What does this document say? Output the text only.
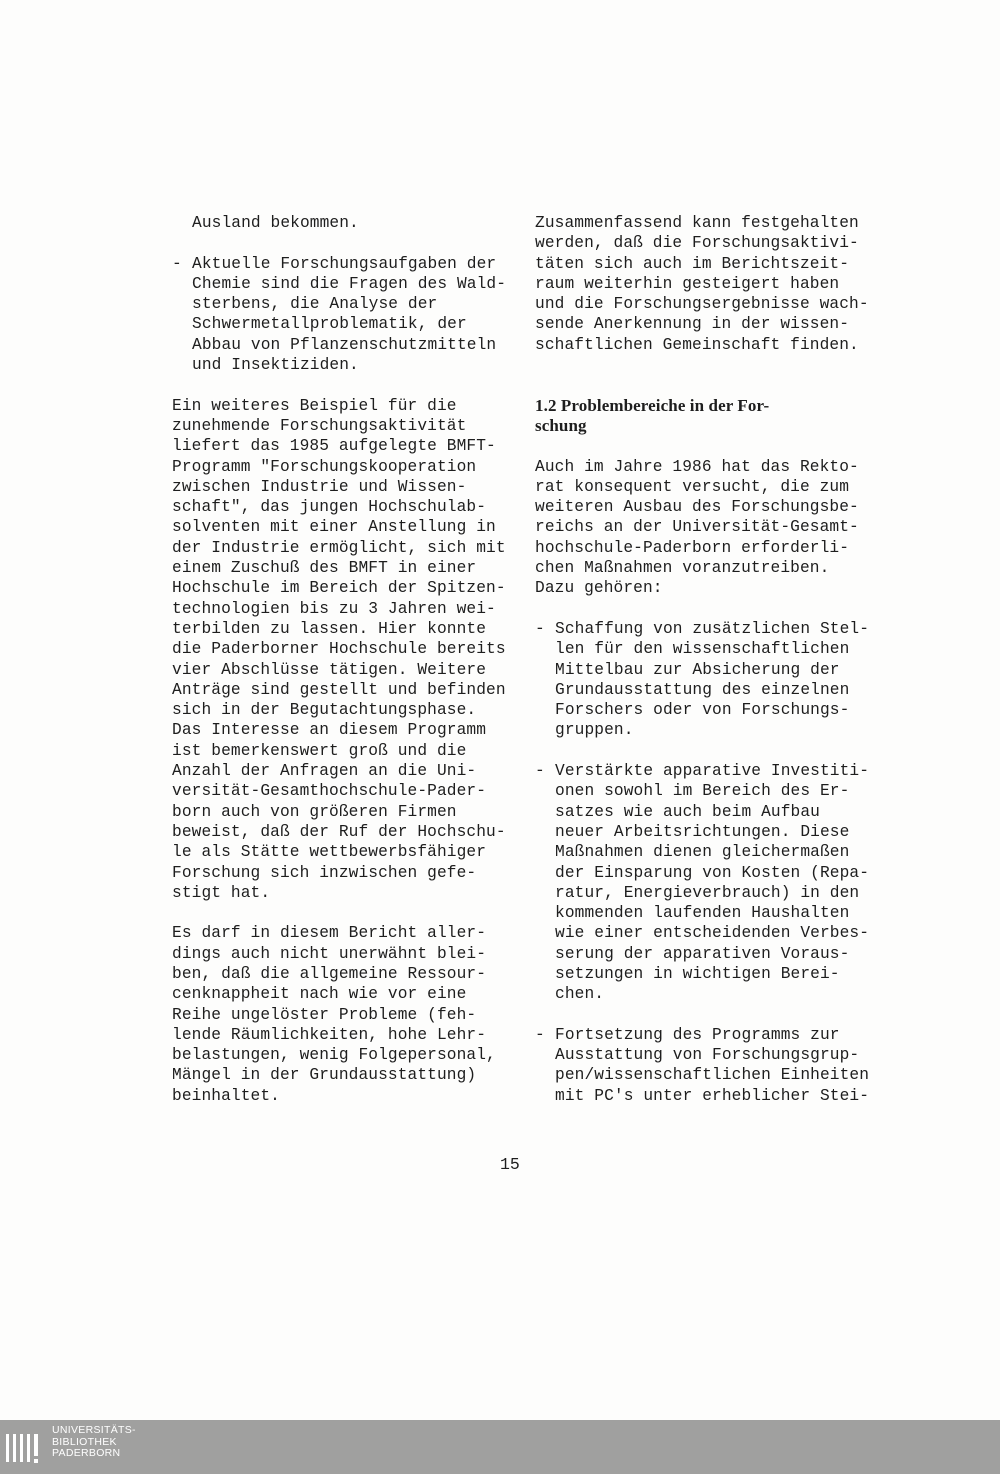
Ausland bekommen.
- Aktuelle Forschungsaufgaben der
Chemie sind die Fragen des Wald-
sterbens, die Analyse der
Schwermetallproblematik, der
Abbau von Pflanzenschutzmitteln
und Insektiziden.
Ein weiteres Beispiel für die
zunehmende Forschungsaktivität
liefert das 1985 aufgelegte BMFT-
Programm "Forschungskooperation
zwischen Industrie und Wissen-
schaft", das jungen Hochschulab-
solventen mit einer Anstellung in
der Industrie ermöglicht, sich mit
einem Zuschuß des BMFT in einer
Hochschule im Bereich der Spitzen-
technologien bis zu 3 Jahren wei-
terbilden zu lassen. Hier konnte
die Paderborner Hochschule bereits
vier Abschlüsse tätigen. Weitere
Anträge sind gestellt und befinden
sich in der Begutachtungsphase.
Das Interesse an diesem Programm
ist bemerkenswert groß und die
Anzahl der Anfragen an die Uni-
versität-Gesamthochschule-Pader-
born auch von größeren Firmen
beweist, daß der Ruf der Hochschu-
le als Stätte wettbewerbsfähiger
Forschung sich inzwischen gefe-
stigt hat.
Es darf in diesem Bericht aller-
dings auch nicht unerwähnt blei-
ben, daß die allgemeine Ressour-
cenknappheit nach wie vor eine
Reihe ungelöster Probleme (feh-
lende Räumlichkeiten, hohe Lehr-
belastungen, wenig Folgepersonal,
Mängel in der Grundausstattung)
beinhaltet.
Zusammenfassend kann festgehalten
werden, daß die Forschungsaktivi-
täten sich auch im Berichtszeit-
raum weiterhin gesteigert haben
und die Forschungsergebnisse wach-
sende Anerkennung in der wissen-
schaftlichen Gemeinschaft finden.
1.2 Problembereiche in der For-
schung
Auch im Jahre 1986 hat das Rekto-
rat konsequent versucht, die zum
weiteren Ausbau des Forschungsbe-
reichs an der Universität-Gesamt-
hochschule-Paderborn erforderli-
chen Maßnahmen voranzutreiben.
Dazu gehören:
- Schaffung von zusätzlichen Stel-
len für den wissenschaftlichen
Mittelbau zur Absicherung der
Grundausstattung des einzelnen
Forschers oder von Forschungs-
gruppen.
- Verstärkte apparative Investiti-
onen sowohl im Bereich des Er-
satzes wie auch beim Aufbau
neuer Arbeitsrichtungen. Diese
Maßnahmen dienen gleichermaßen
der Einsparung von Kosten (Repa-
ratur, Energieverbrauch) in den
kommenden laufenden Haushalten
wie einer entscheidenden Verbes-
serung der apparativen Voraus-
setzungen in wichtigen Berei-
chen.
- Fortsetzung des Programms zur
Ausstattung von Forschungsgrup-
pen/wissenschaftlichen Einheiten
mit PC's unter erheblicher Stei-
15
UNIVERSITÄTS-
BIBLIOTHEK
PADERBORN
